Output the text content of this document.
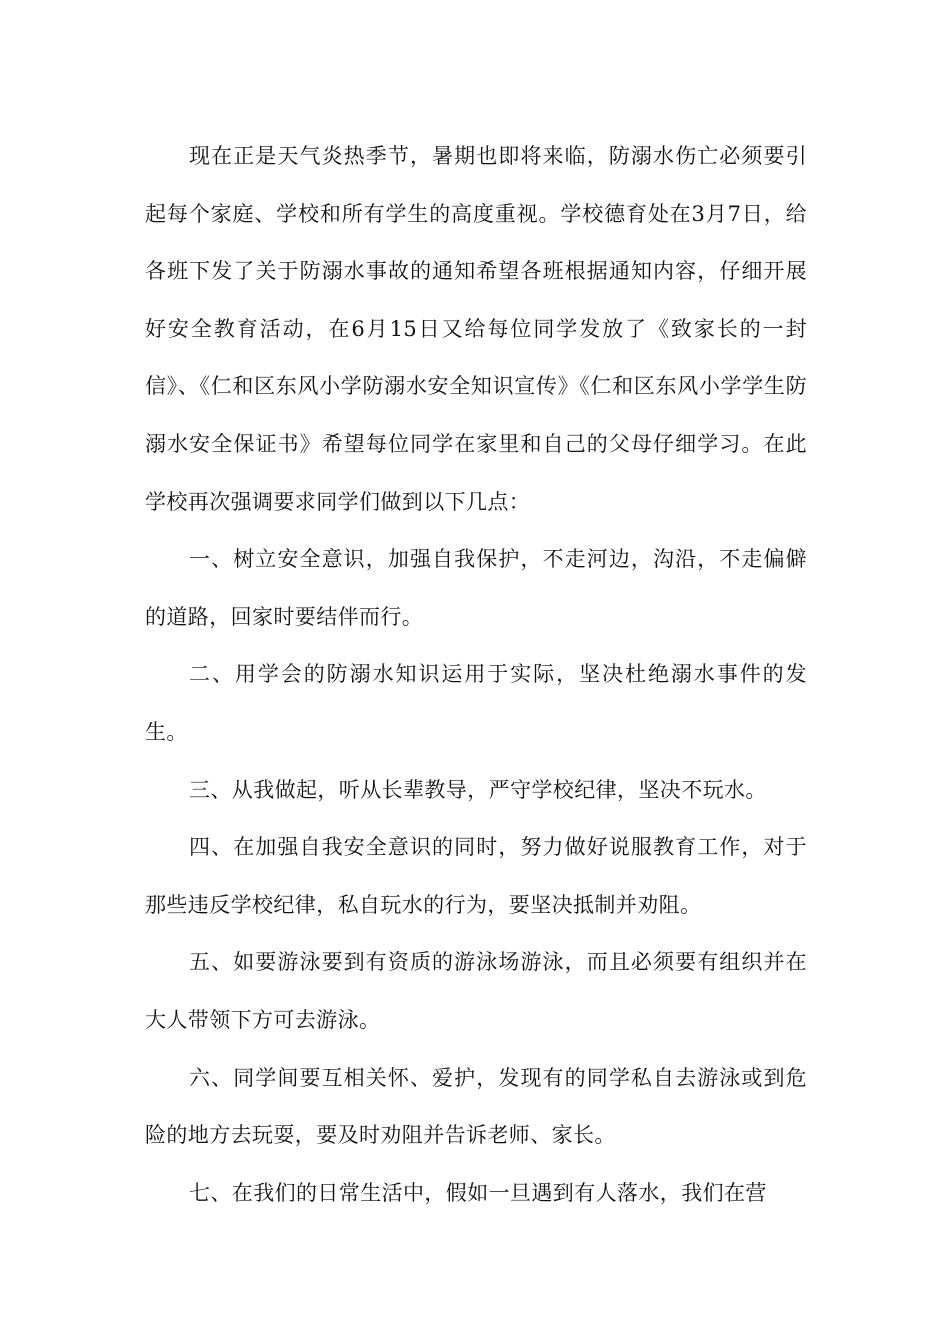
现在正是天气炎热季节，暑期也即将来临，防溺水伤亡必须要引起每个家庭、学校和所有学生的高度重视。学校德育处在3月7日，给各班下发了关于防溺水事故的通知希望各班根据通知内容，仔细开展好安全教育活动，在6月15日又给每位同学发放了《致家长的一封信》、《仁和区东风小学防溺水安全知识宣传》《仁和区东风小学学生防溺水安全保证书》希望每位同学在家里和自己的父母仔细学习。在此学校再次强调要求同学们做到以下几点：

一、树立安全意识，加强自我保护，不走河边，沟沿，不走偏僻的道路，回家时要结伴而行。

二、用学会的防溺水知识运用于实际，坚决杜绝溺水事件的发生。

三、从我做起，听从长辈教导，严守学校纪律，坚决不玩水。

四、在加强自我安全意识的同时，努力做好说服教育工作，对于那些违反学校纪律，私自玩水的行为，要坚决抵制并劝阻。

五、如要游泳要到有资质的游泳场游泳，而且必须要有组织并在大人带领下方可去游泳。

六、同学间要互相关怀、爱护，发现有的同学私自去游泳或到危险的地方去玩耍，要及时劝阻并告诉老师、家长。

七、在我们的日常生活中，假如一旦遇到有人落水，我们在营
